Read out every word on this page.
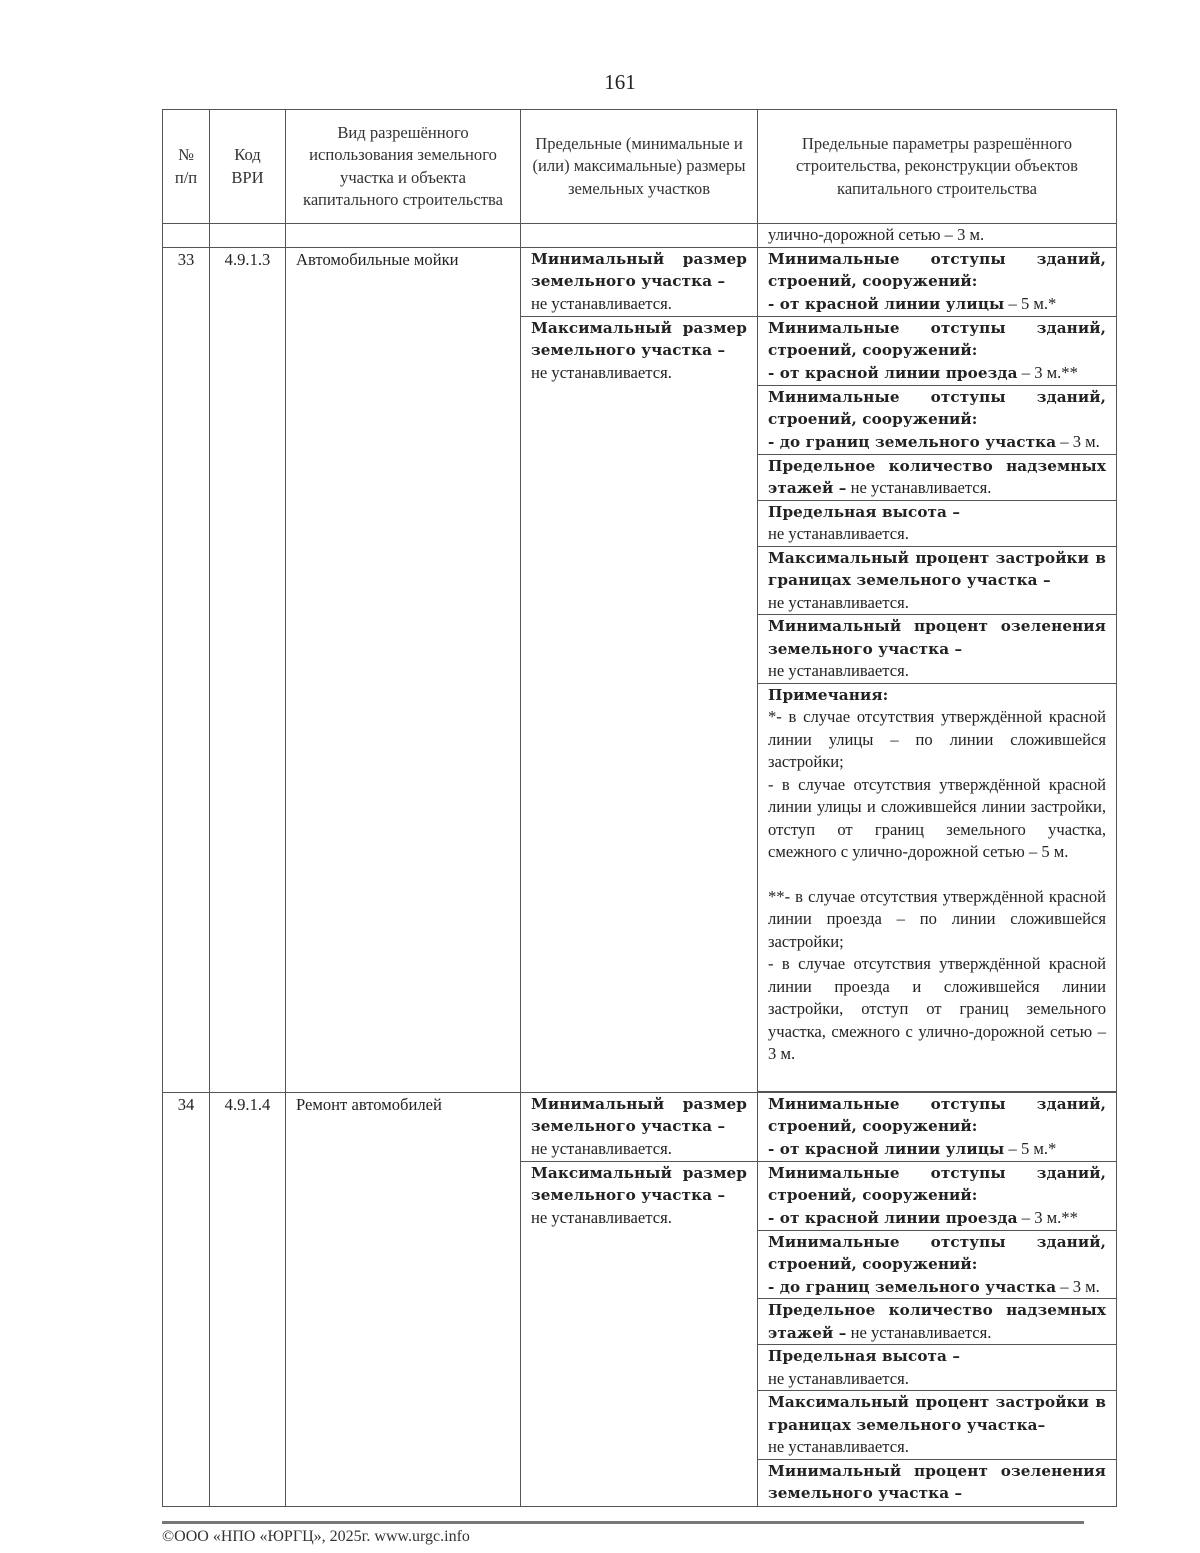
161
№ п/п	Код ВРИ	Вид разрешённого использования земельного участка и объекта капитального строительства	Предельные (минимальные и (или) максимальные) размеры земельных участков	Предельные параметры разрешённого строительства, реконструкции объектов капитального строительства
				улично-дорожной сетью – 3 м.
33	4.9.1.3	Автомобильные мойки	Минимальный размер земельного участка –
не устанавливается.	Минимальные отступы зданий, строений, сооружений:
- от красной линии улицы – 5 м.*
			Максимальный размер земельного участка –
не устанавливается.	Минимальные отступы зданий, строений, сооружений:
- от красной линии проезда – 3 м.**
				Минимальные отступы зданий, строений, сооружений:
- до границ земельного участка – 3 м.
				Предельное количество надземных этажей – не устанавливается.
				Предельная высота –
не устанавливается.
				Максимальный процент застройки в границах земельного участка –
не устанавливается.
				Минимальный процент озеленения земельного участка –
не устанавливается.

				Примечания:
*- в случае отсутствия утверждённой красной линии улицы – по линии сложившейся застройки;
- в случае отсутствия утверждённой красной линии улицы и сложившейся линии застройки, отступ от границ земельного участка, смежного с улично-дорожной сетью – 5 м.
**- в случае отсутствия утверждённой красной линии проезда – по линии сложившейся застройки;
- в случае отсутствия утверждённой красной линии проезда и сложившейся линии застройки, отступ от границ земельного участка, смежного с улично-дорожной сетью – 3 м.

34	4.9.1.4	Ремонт автомобилей	Минимальный размер земельного участка –
не устанавливается.	Минимальные отступы зданий, строений, сооружений:
- от красной линии улицы – 5 м.*
			Максимальный размер земельного участка –
не устанавливается.	Минимальные отступы зданий, строений, сооружений:
- от красной линии проезда – 3 м.**
				Минимальные отступы зданий, строений, сооружений:
- до границ земельного участка – 3 м.
				Предельное количество надземных этажей – не устанавливается.
				Предельная высота –
не устанавливается.
				Максимальный процент застройки в границах земельного участка–
не устанавливается.
				Минимальный процент озеленения земельного участка –
©ООО «НПО «ЮРГЦ», 2025г. www.urgc.info
